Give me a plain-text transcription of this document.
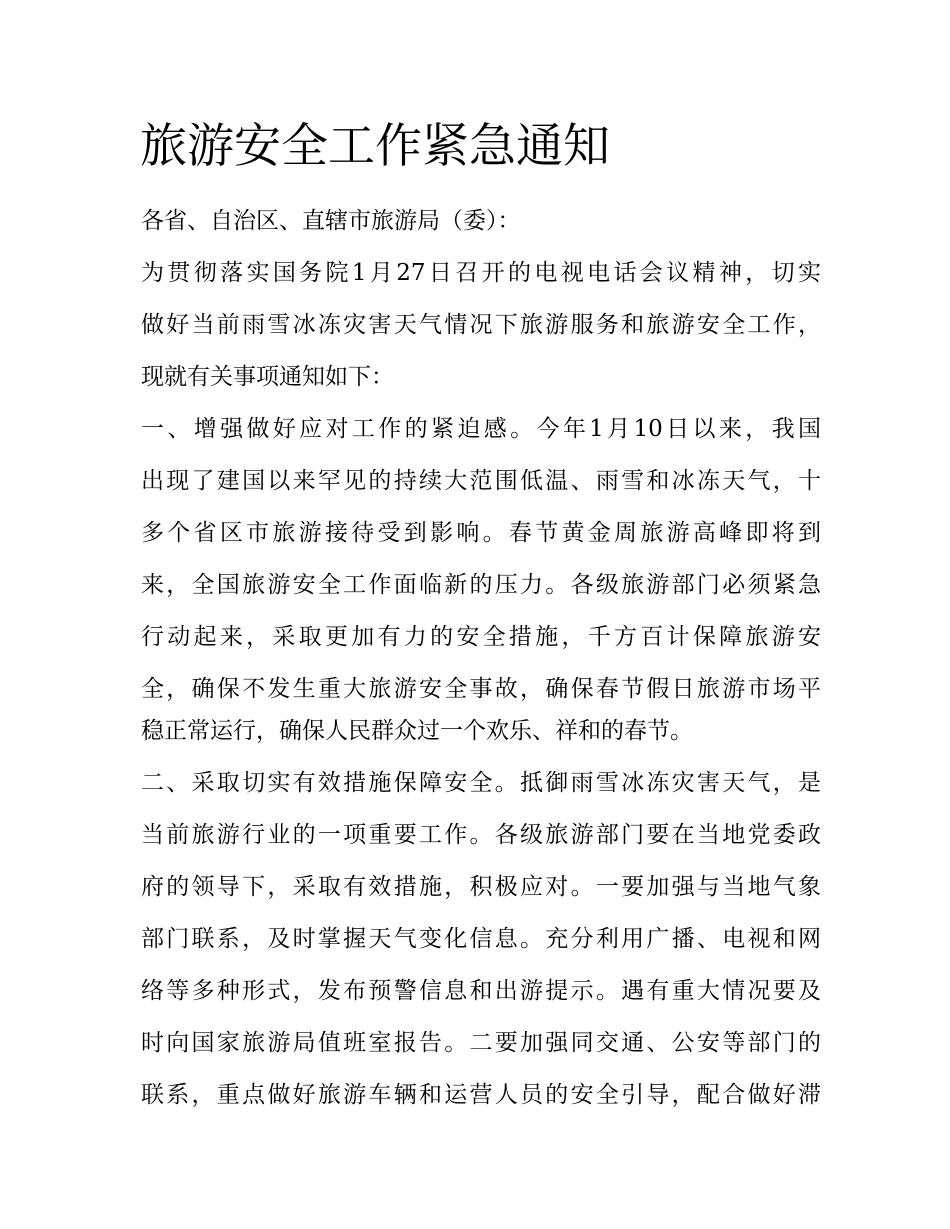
旅游安全工作紧急通知

各省、自治区、直辖市旅游局（委）：

为贯彻落实国务院1月27日召开的电视电话会议精神，切实

做好当前雨雪冰冻灾害天气情况下旅游服务和旅游安全工作，

现就有关事项通知如下：

一、增强做好应对工作的紧迫感。今年1月10日以来，我国

出现了建国以来罕见的持续大范围低温、雨雪和冰冻天气，十

多个省区市旅游接待受到影响。春节黄金周旅游高峰即将到

来，全国旅游安全工作面临新的压力。各级旅游部门必须紧急

行动起来，采取更加有力的安全措施，千方百计保障旅游安

全，确保不发生重大旅游安全事故，确保春节假日旅游市场平

稳正常运行，确保人民群众过一个欢乐、祥和的春节。

二、采取切实有效措施保障安全。抵御雨雪冰冻灾害天气，是

当前旅游行业的一项重要工作。各级旅游部门要在当地党委政

府的领导下，采取有效措施，积极应对。一要加强与当地气象

部门联系，及时掌握天气变化信息。充分利用广播、电视和网

络等多种形式，发布预警信息和出游提示。遇有重大情况要及

时向国家旅游局值班室报告。二要加强同交通、公安等部门的

联系，重点做好旅游车辆和运营人员的安全引导，配合做好滞
